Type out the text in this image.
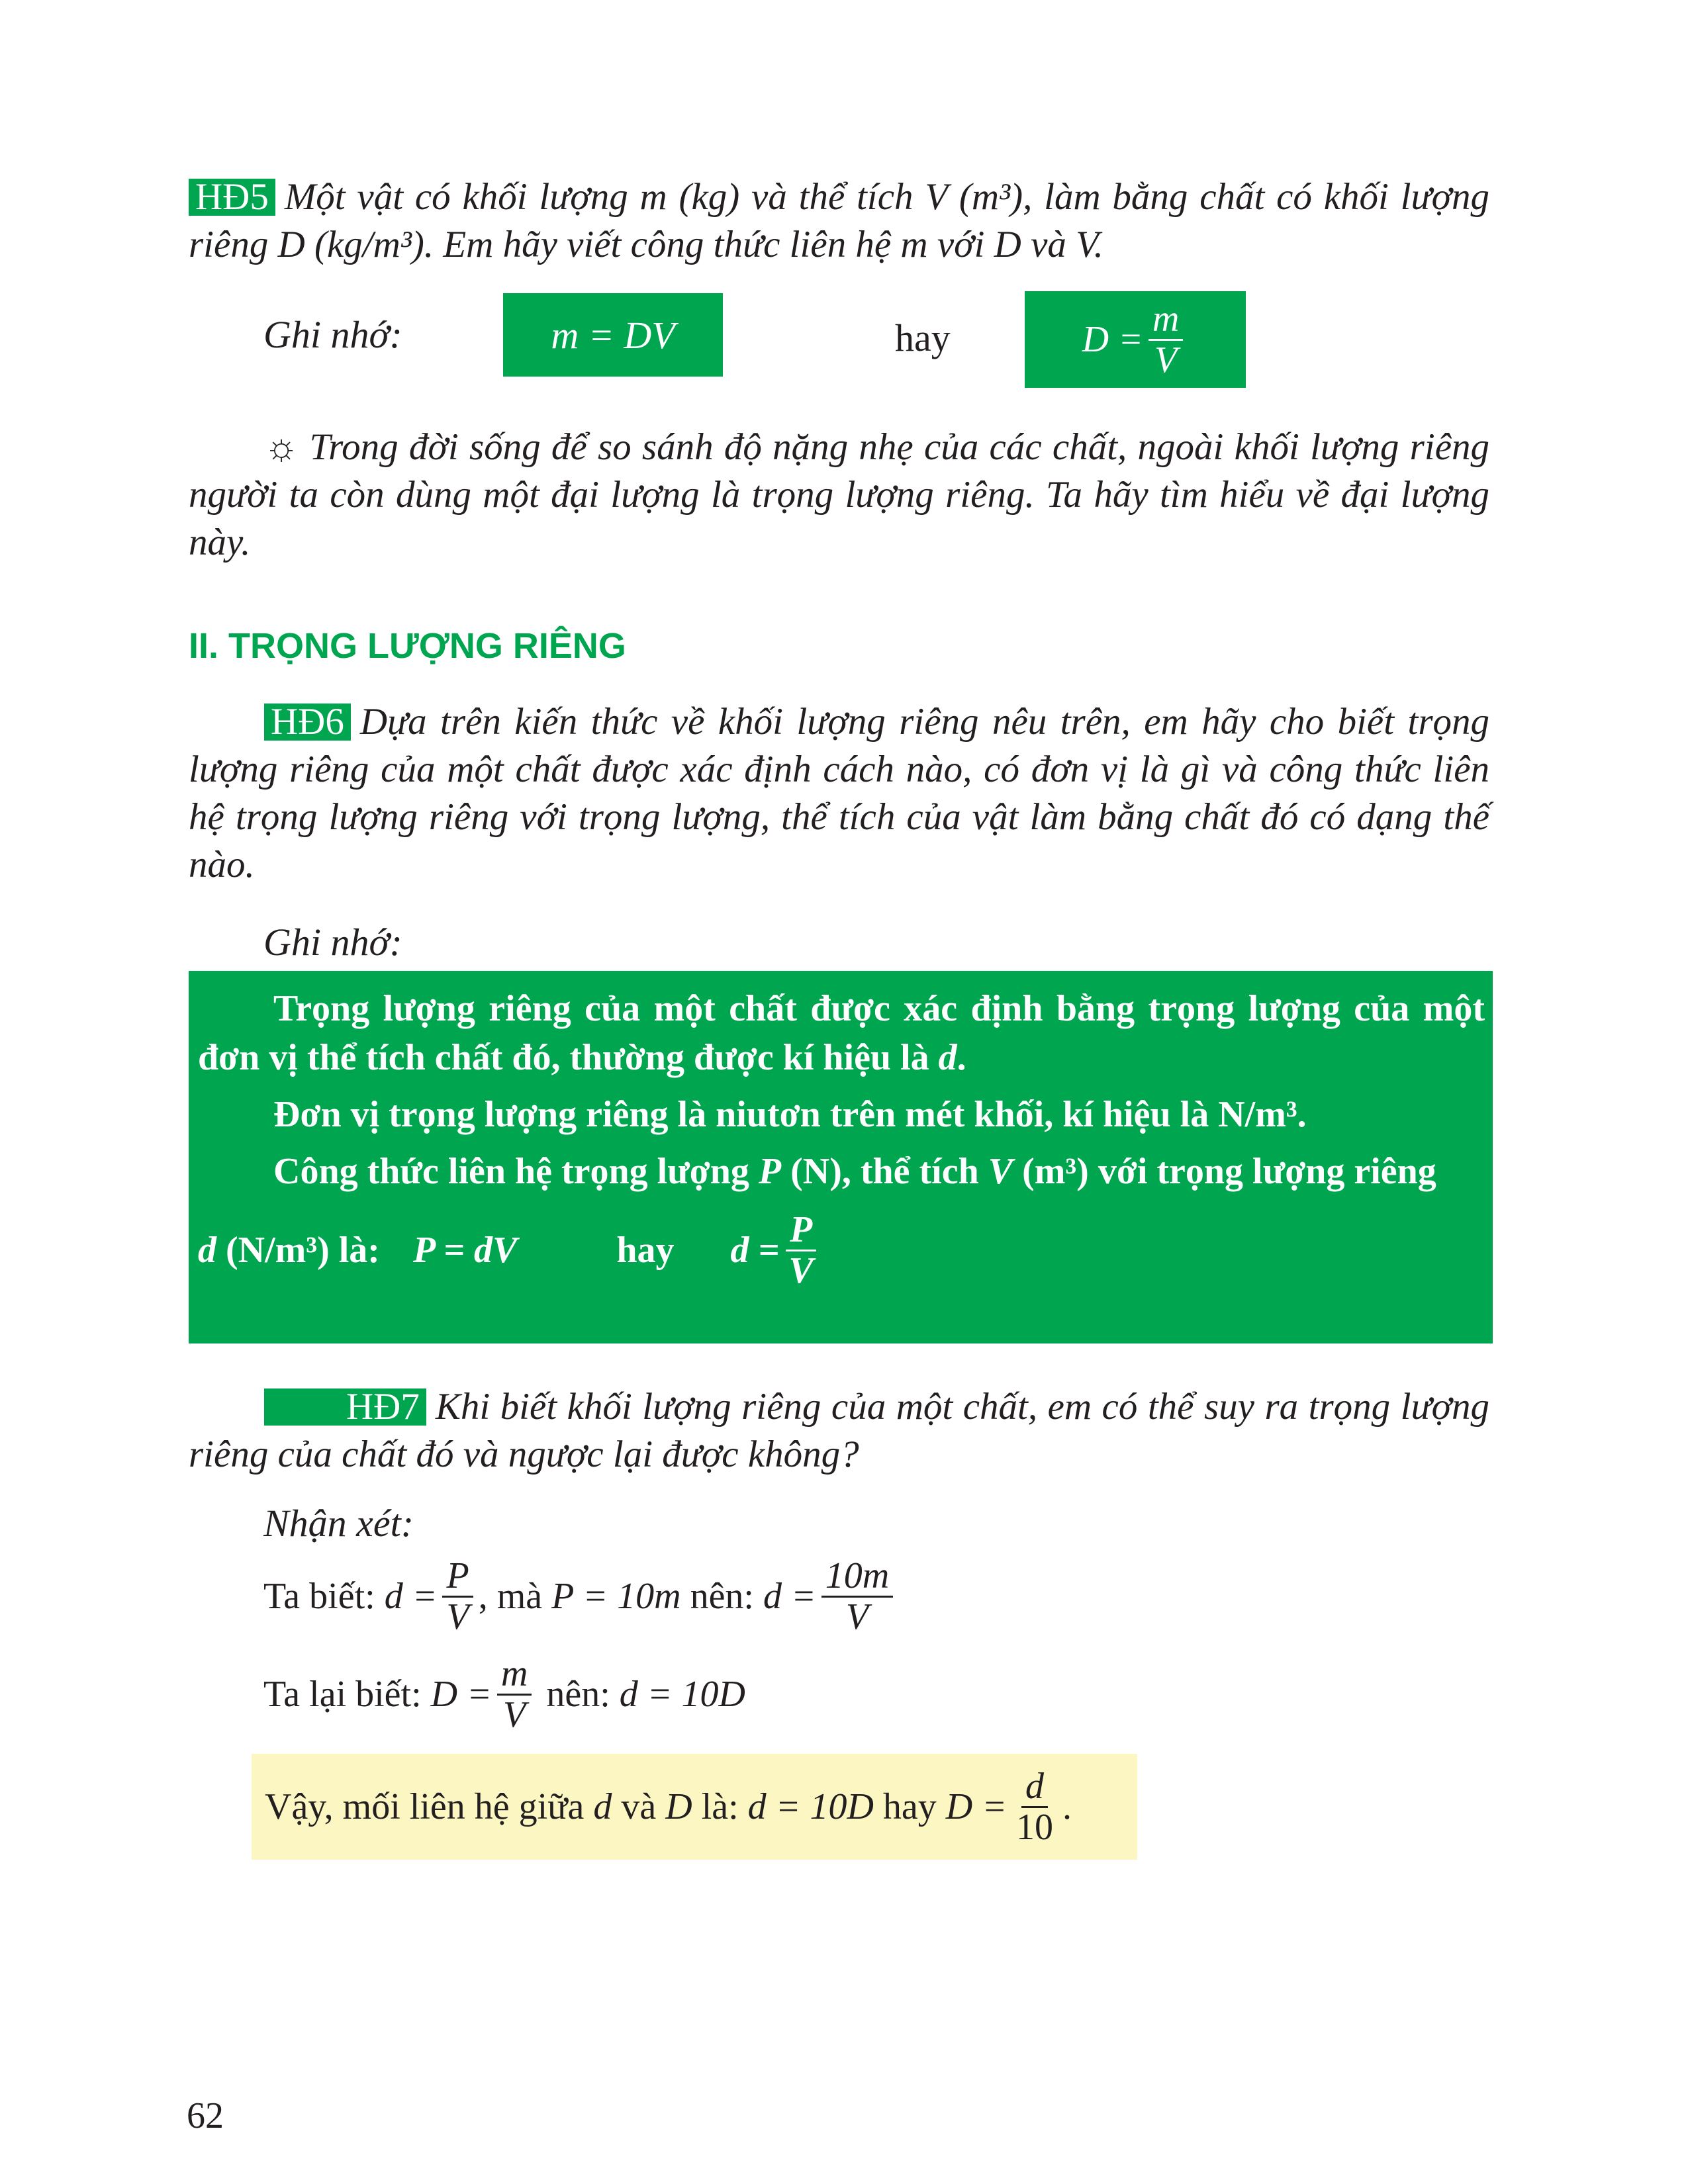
HĐ5 Một vật có khối lượng m (kg) và thể tích V (m³), làm bằng chất có khối lượng riêng D (kg/m³). Em hãy viết công thức liên hệ m với D và V.
Ghi nhớ:	m = DV	hay	$D = \frac{m}{V}$
☼ Trong đời sống để so sánh độ nặng nhẹ của các chất, ngoài khối lượng riêng người ta còn dùng một đại lượng là trọng lượng riêng. Ta hãy tìm hiểu về đại lượng này.
II. TRỌNG LƯỢNG RIÊNG
HĐ6 Dựa trên kiến thức về khối lượng riêng nêu trên, em hãy cho biết trọng lượng riêng của một chất được xác định cách nào, có đơn vị là gì và công thức liên hệ trọng lượng riêng với trọng lượng, thể tích của vật làm bằng chất đó có dạng thế nào.
Ghi nhớ:
Trọng lượng riêng của một chất được xác định bằng trọng lượng của một đơn vị thể tích chất đó, thường được kí hiệu là d.
Đơn vị trọng lượng riêng là niutơn trên mét khối, kí hiệu là N/m³.
Công thức liên hệ trọng lượng P (N), thể tích V (m³) với trọng lượng riêng
d (N/m³) là: P = dV	hay $d = \frac{P}{V}$
HĐ7 Khi biết khối lượng riêng của một chất, em có thể suy ra trọng lượng riêng của chất đó và ngược lại được không?
Nhận xét:
Ta biết: $d = \frac{P}{V}$ , mà P = 10m nên: $d = \frac{10m}{V}$
Ta lại biết: $D = \frac{m}{V}$ nên: d = 10D
Vậy, mối liên hệ giữa d và D là: d = 10D hay $D = \frac{d}{10}$ .
62
